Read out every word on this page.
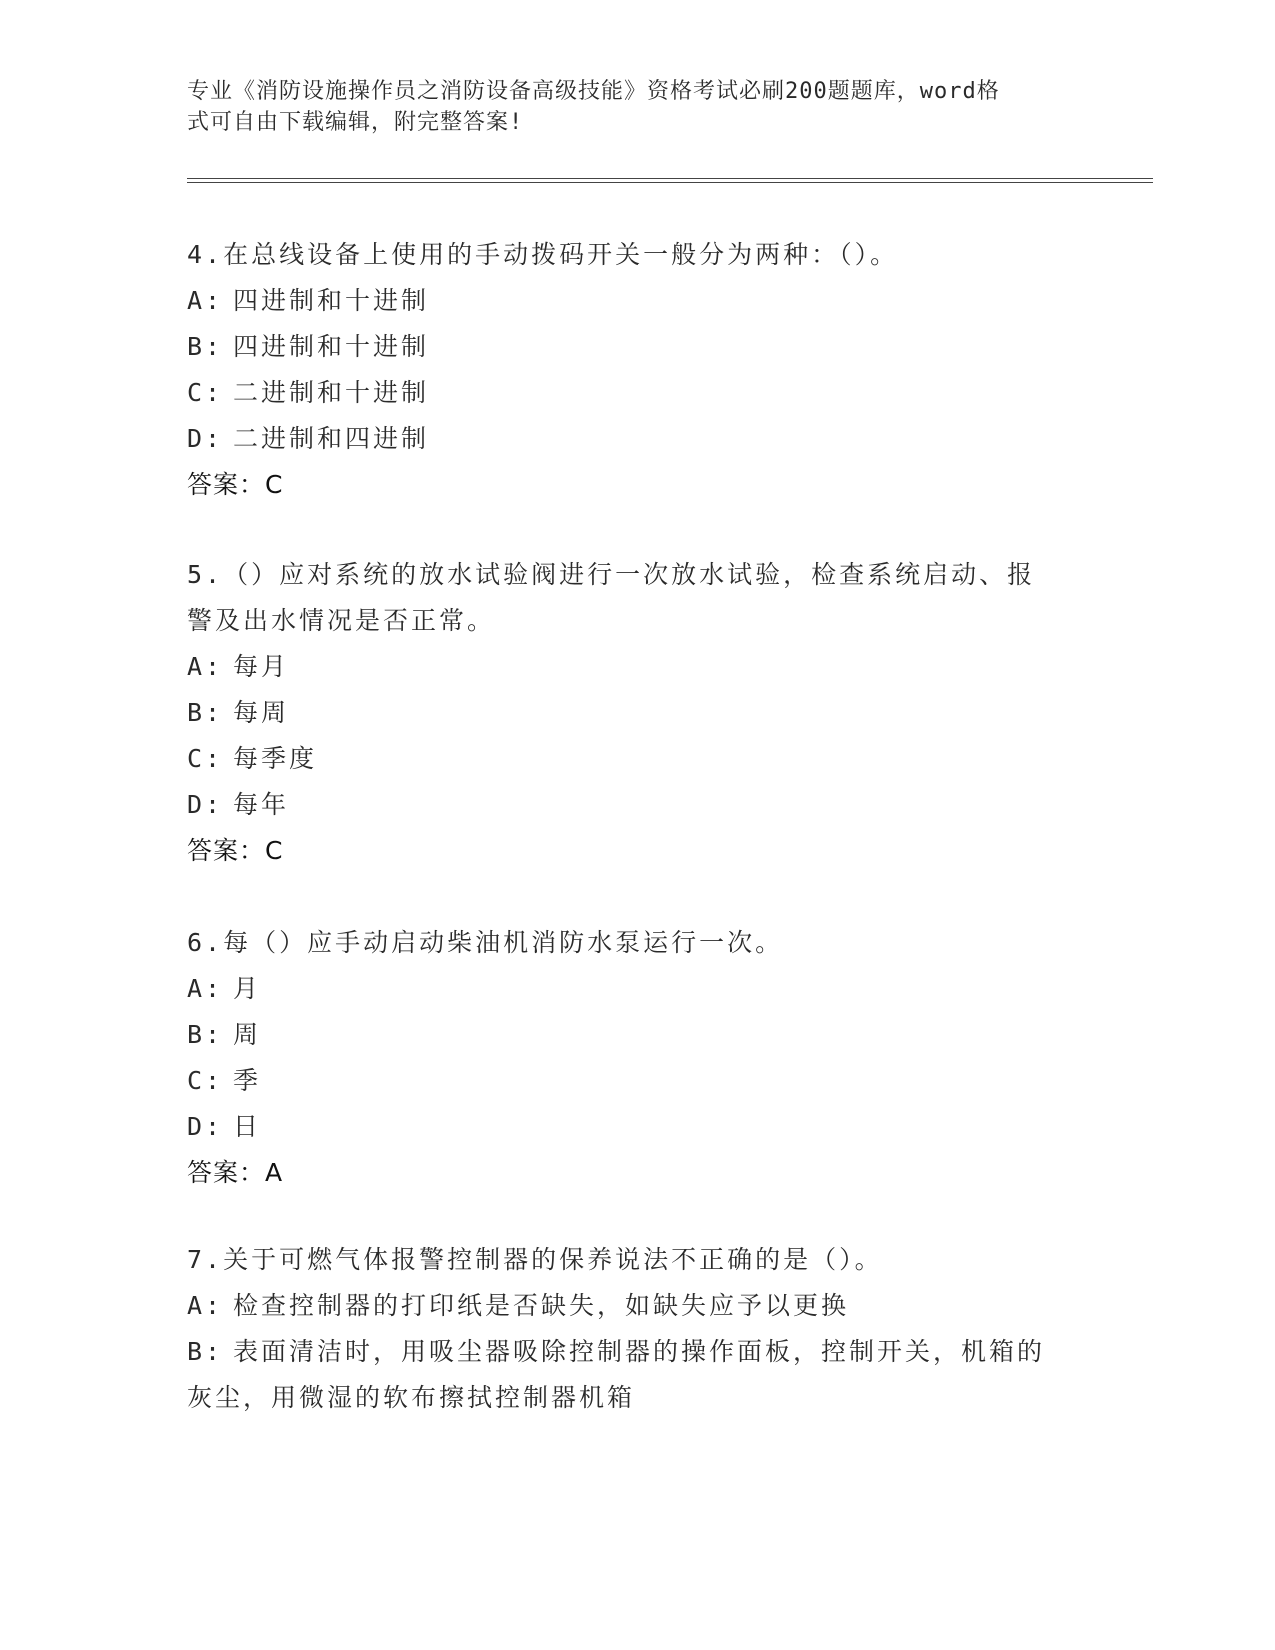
专业《消防设施操作员之消防设备高级技能》资格考试必刷200题题库，word格
式可自由下载编辑，附完整答案!

4.在总线设备上使用的手动拨码开关一般分为两种：（）。
A: 四进制和十进制
B: 四进制和十进制
C: 二进制和十进制
D: 二进制和四进制
答案：C
5.（）应对系统的放水试验阀进行一次放水试验，检查系统启动、报
警及出水情况是否正常。
A: 每月
B: 每周
C: 每季度
D: 每年
答案：C
6.每（）应手动启动柴油机消防水泵运行一次。
A: 月
B: 周
C: 季
D: 日
答案：A
7.关于可燃气体报警控制器的保养说法不正确的是（）。
A: 检查控制器的打印纸是否缺失，如缺失应予以更换
B: 表面清洁时，用吸尘器吸除控制器的操作面板，控制开关，机箱的
灰尘，用微湿的软布擦拭控制器机箱
